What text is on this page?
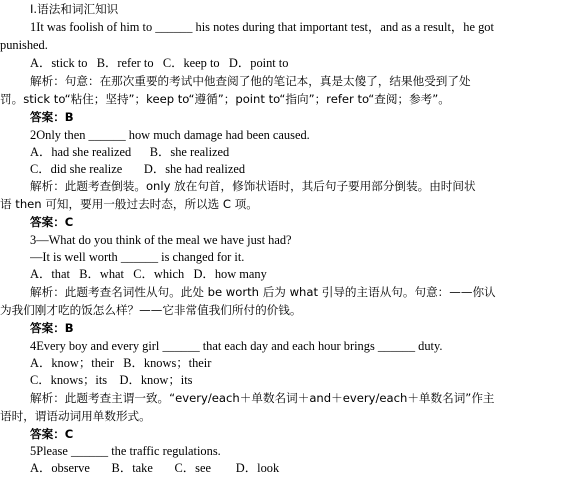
Ⅰ.语法和词汇知识
1It was foolish of him to ______ his notes during that important test，and as a result，he got
punished.
A．stick to   B．refer to   C．keep to   D．point to
解析：句意：在那次重要的考试中他查阅了他的笔记本，真是太傻了，结果他受到了处
罚。stick to“粘住；坚持”；keep to“遵循”；point to“指向”；refer to“查阅；参考”。
答案：B
2Only then ______ how much damage had been caused.
A．had she realized      B．she realized
C．did she realize       D．she had realized
解析：此题考查倒装。only 放在句首，修饰状语时，其后句子要用部分倒装。由时间状
语 then 可知，要用一般过去时态，所以选 C 项。
答案：C
3—What do you think of the meal we have just had?
—It is well worth ______ is changed for it.
A．that   B．what   C．which   D．how many
解析：此题考查名词性从句。此处 be worth 后为 what 引导的主语从句。句意：——你认
为我们刚才吃的饭怎么样？——它非常值我们所付的价钱。
答案：B
4Every boy and every girl ______ that each day and each hour brings ______ duty.
A．know；their   B．knows；their
C．knows；its    D．know；its
解析：此题考查主谓一致。“every/each＋单数名词＋and＋every/each＋单数名词”作主
语时，谓语动词用单数形式。
答案：C
5Please ______ the traffic regulations.
A．observe       B．take       C．see        D．look
